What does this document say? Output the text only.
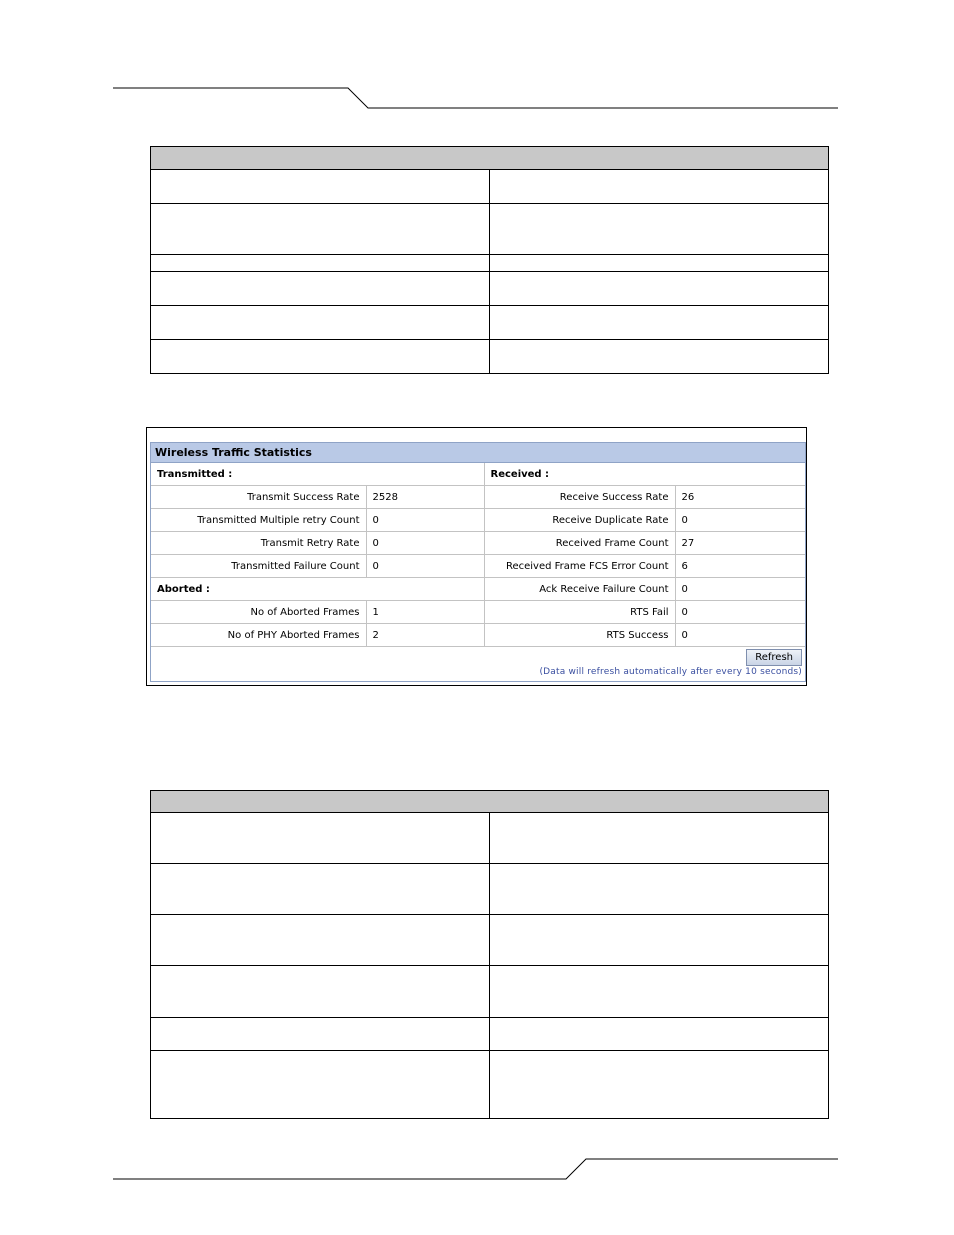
Wireless Traffic Statistics
Transmitted :		Received :	
Transmit Success Rate	2528	Receive Success Rate	26
Transmitted Multiple retry Count	0	Receive Duplicate Rate	0
Transmit Retry Rate	0	Received Frame Count	27
Transmitted Failure Count	0	Received Frame FCS Error Count	6
Aborted :		Ack Receive Failure Count	0
No of Aborted Frames	1	RTS Fail	0
No of PHY Aborted Frames	2	RTS Success	0
Refresh
(Data will refresh automatically after every 10 seconds)			
